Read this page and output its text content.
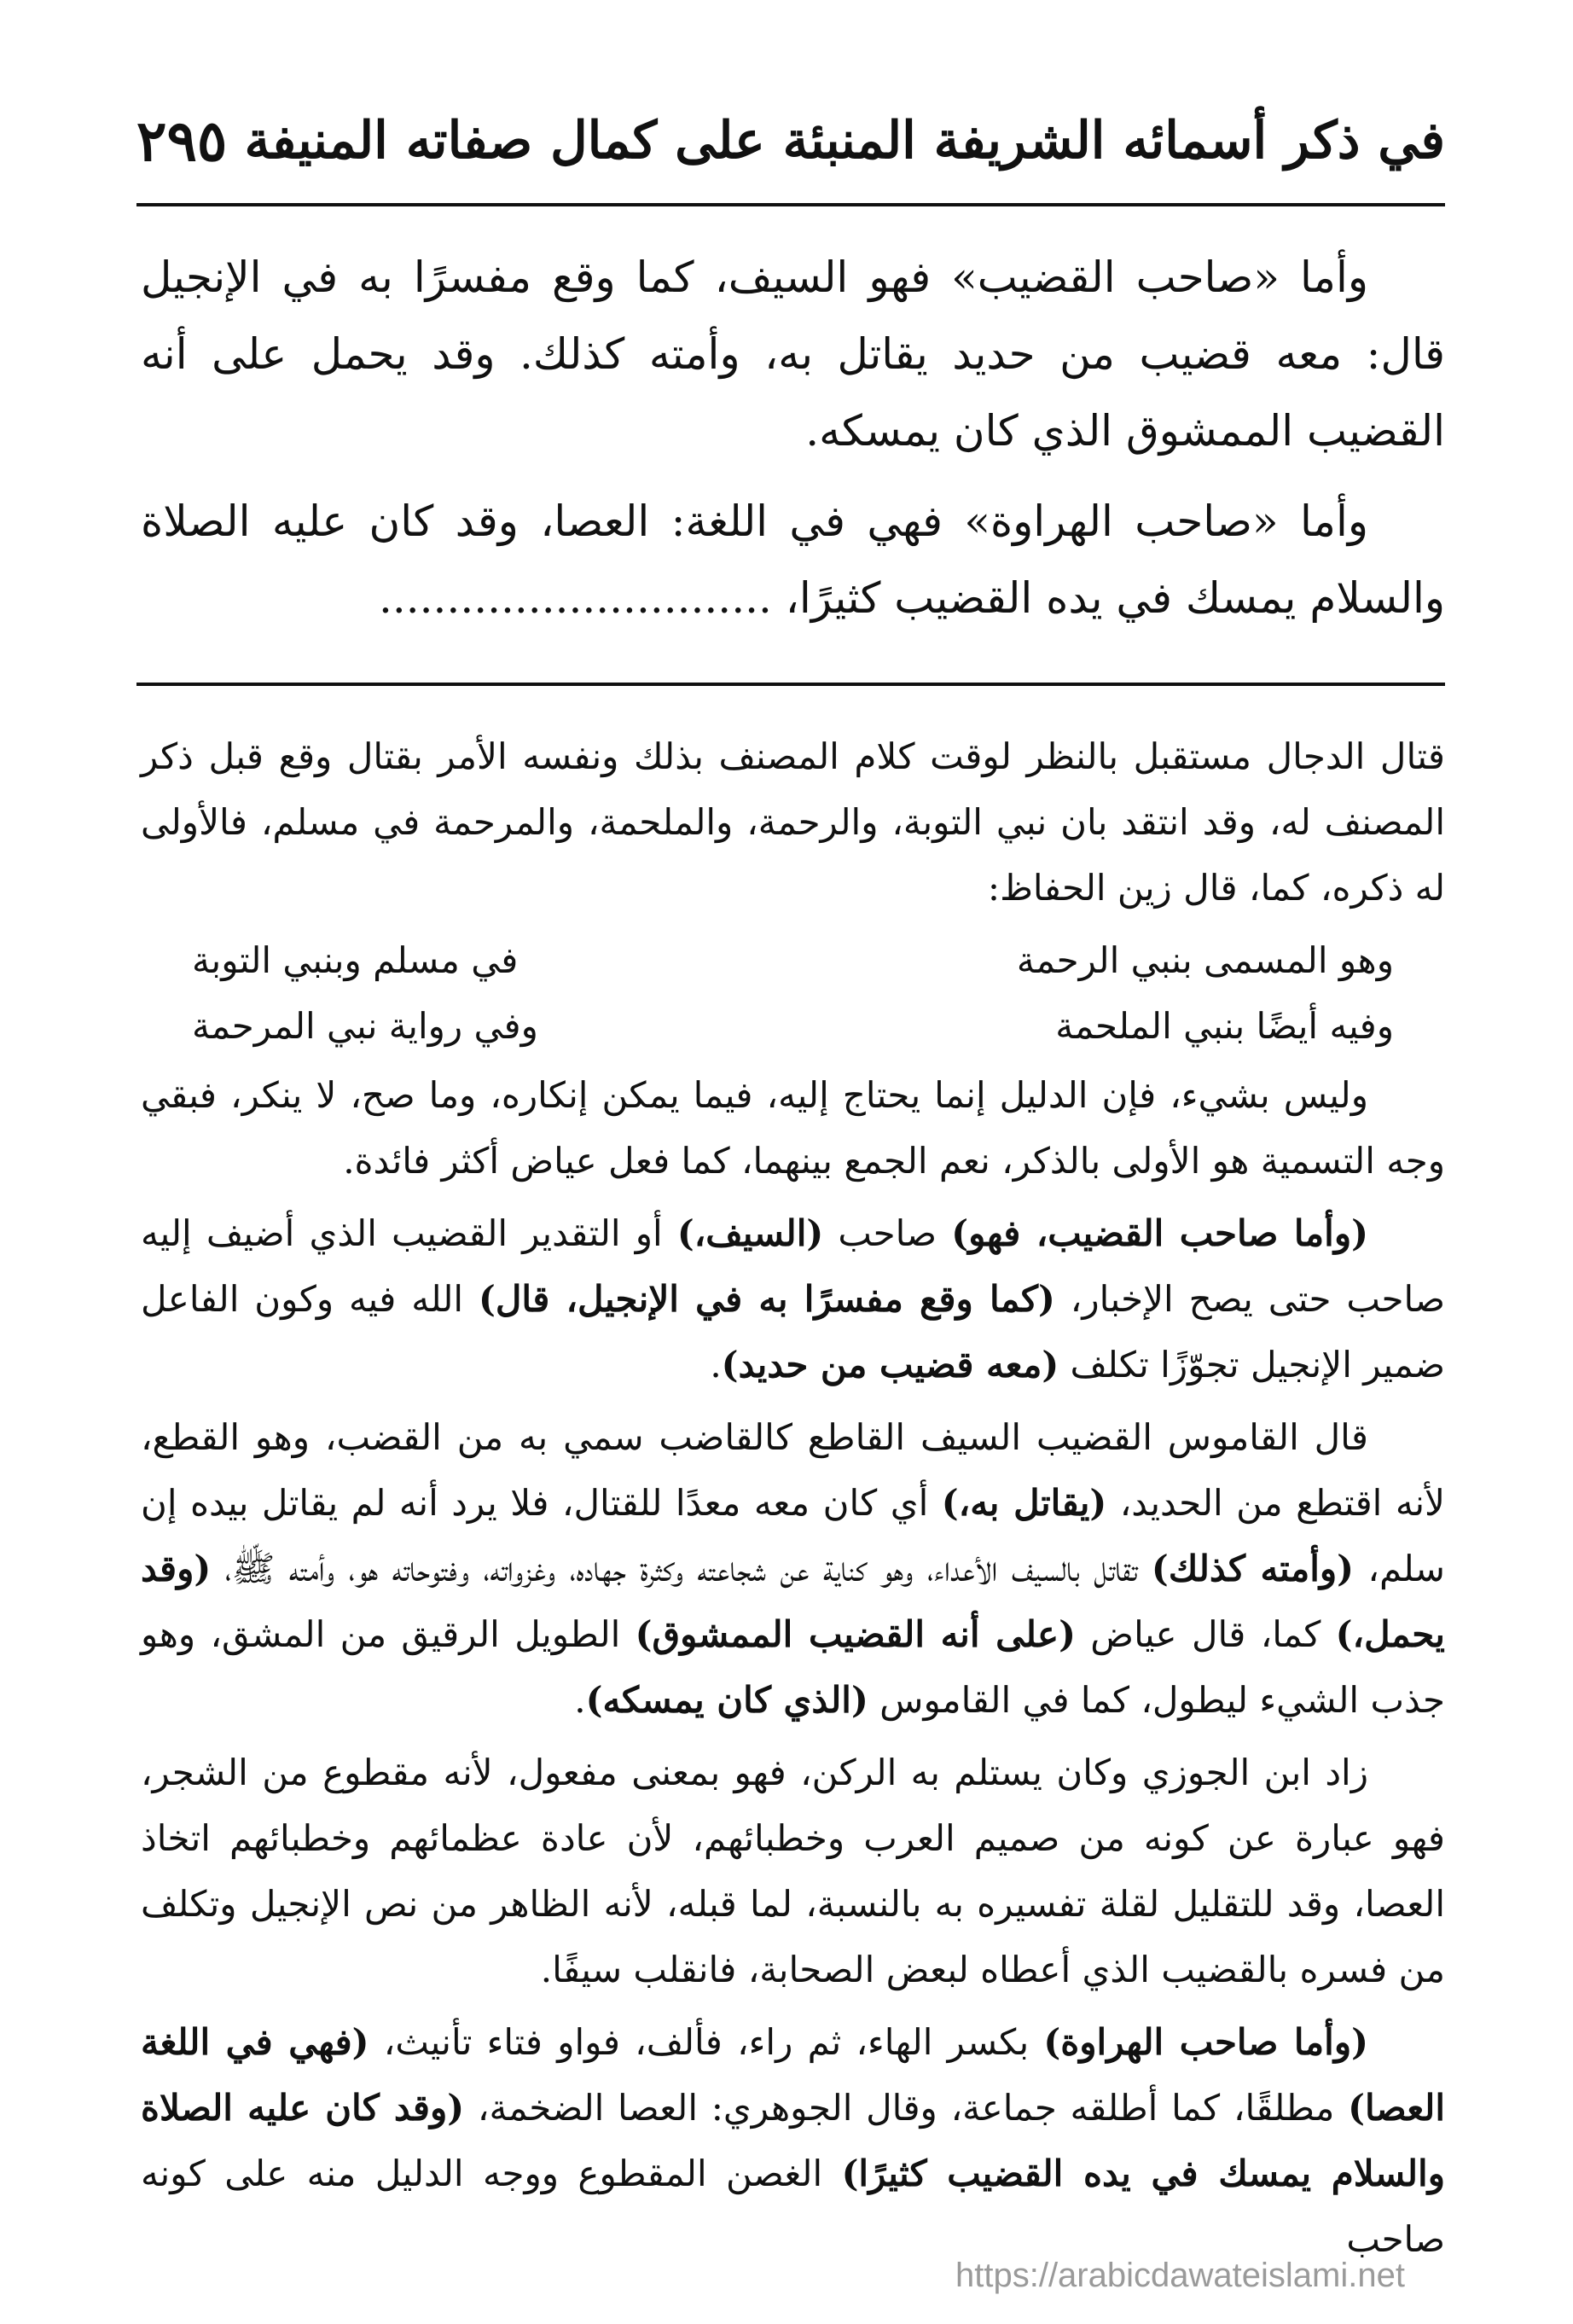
في ذكر أسمائه الشريفة المنبئة على كمال صفاته المنيفة
٢٩٥

وأما «صاحب القضيب» فهو السيف، كما وقع مفسرًا به في الإنجيل قال: معه قضيب من حديد يقاتل به، وأمته كذلك. وقد يحمل على أنه القضيب الممشوق الذي كان يمسكه.

وأما «صاحب الهراوة» فهي في اللغة: العصا، وقد كان عليه الصلاة والسلام يمسك في يده القضيب كثيرًا، .............................

قتال الدجال مستقبل بالنظر لوقت كلام المصنف بذلك ونفسه الأمر بقتال وقع قبل ذكر المصنف له، وقد انتقد بان نبي التوبة، والرحمة، والملحمة، والمرحمة في مسلم، فالأولى له ذكره، كما، قال زين الحفاظ:

وهو المسمى بنبي الرحمة
في مسلم وبنبي التوبة
وفيه أيضًا بنبي الملحمة
وفي رواية نبي المرحمة

وليس بشيء، فإن الدليل إنما يحتاج إليه، فيما يمكن إنكاره، وما صح، لا ينكر، فبقي وجه التسمية هو الأولى بالذكر، نعم الجمع بينهما، كما فعل عياض أكثر فائدة.

(وأما صاحب القضيب، فهو) صاحب (السيف،) أو التقدير القضيب الذي أضيف إليه صاحب حتى يصح الإخبار، (كما وقع مفسرًا به في الإنجيل، قال) الله فيه وكون الفاعل ضمير الإنجيل تجوّزًا تكلف (معه قضيب من حديد).

قال القاموس القضيب السيف القاطع كالقاضب سمي به من القضب، وهو القطع، لأنه اقتطع من الحديد، (يقاتل به،) أي كان معه معدًا للقتال، فلا يرد أنه لم يقاتل بيده إن سلم، (وأمته كذلك) تقاتل بالسيف الأعداء، وهو كناية عن شجاعته وكثرة جهاده، وغزواته، وفتوحاته هو، وأمته ﷺ، (وقد يحمل،) كما، قال عياض (على أنه القضيب الممشوق) الطويل الرقيق من المشق، وهو جذب الشيء ليطول، كما في القاموس (الذي كان يمسكه).

زاد ابن الجوزي وكان يستلم به الركن، فهو بمعنى مفعول، لأنه مقطوع من الشجر، فهو عبارة عن كونه من صميم العرب وخطبائهم، لأن عادة عظمائهم وخطبائهم اتخاذ العصا، وقد للتقليل لقلة تفسيره به بالنسبة، لما قبله، لأنه الظاهر من نص الإنجيل وتكلف من فسره بالقضيب الذي أعطاه لبعض الصحابة، فانقلب سيفًا.

(وأما صاحب الهراوة) بكسر الهاء، ثم راء، فألف، فواو فتاء تأنيث، (فهي في اللغة العصا) مطلقًا، كما أطلقه جماعة، وقال الجوهري: العصا الضخمة، (وقد كان عليه الصلاة والسلام يمسك في يده القضيب كثيرًا) الغصن المقطوع ووجه الدليل منه على كونه صاحب

https://arabicdawateislami.net
